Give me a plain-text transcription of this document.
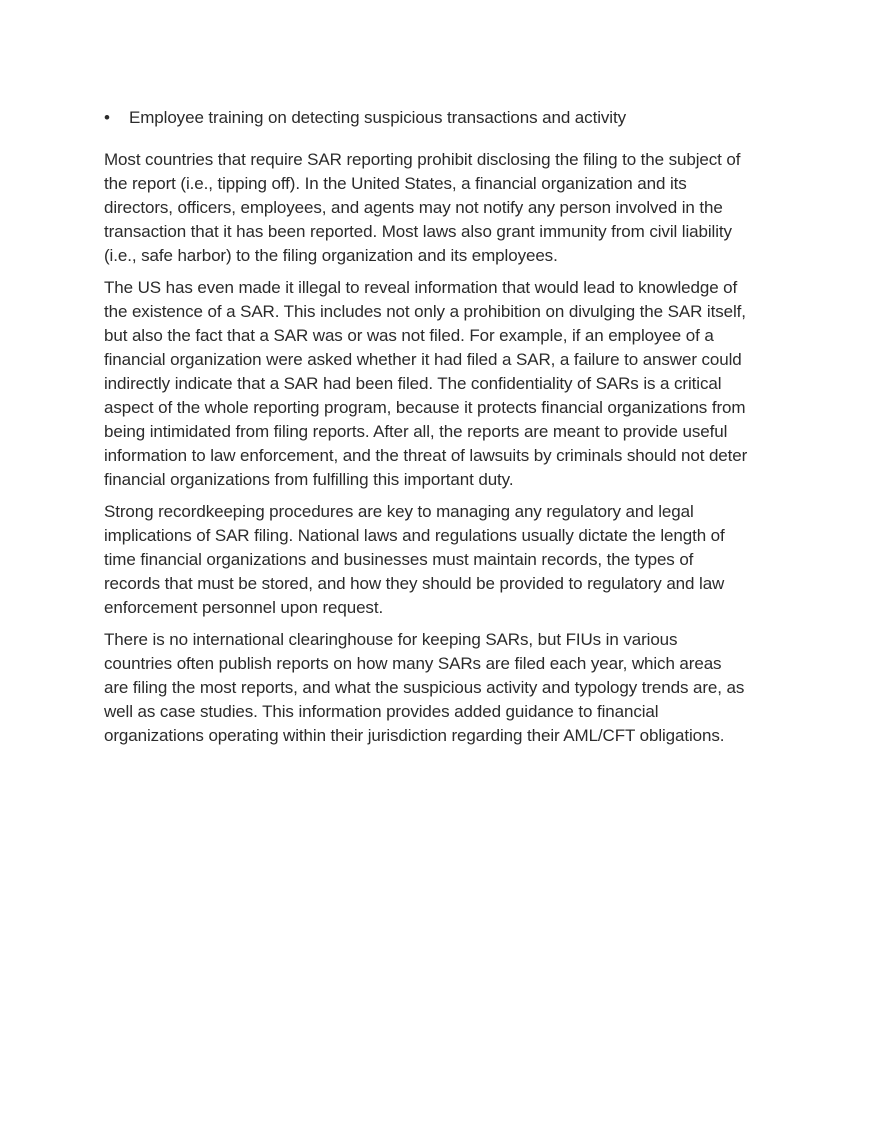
• Employee training on detecting suspicious transactions and activity

Most countries that require SAR reporting prohibit disclosing the filing to the subject of the report (i.e., tipping off). In the United States, a financial organization and its directors, officers, employees, and agents may not notify any person involved in the transaction that it has been reported. Most laws also grant immunity from civil liability (i.e., safe harbor) to the filing organization and its employees.

The US has even made it illegal to reveal information that would lead to knowledge of the existence of a SAR. This includes not only a prohibition on divulging the SAR itself, but also the fact that a SAR was or was not filed. For example, if an employee of a financial organization were asked whether it had filed a SAR, a failure to answer could indirectly indicate that a SAR had been filed. The confidentiality of SARs is a critical aspect of the whole reporting program, because it protects financial organizations from being intimidated from filing reports. After all, the reports are meant to provide useful information to law enforcement, and the threat of lawsuits by criminals should not deter financial organizations from fulfilling this important duty.

Strong recordkeeping procedures are key to managing any regulatory and legal implications of SAR filing. National laws and regulations usually dictate the length of time financial organizations and businesses must maintain records, the types of records that must be stored, and how they should be provided to regulatory and law enforcement personnel upon request.

There is no international clearinghouse for keeping SARs, but FIUs in various countries often publish reports on how many SARs are filed each year, which areas are filing the most reports, and what the suspicious activity and typology trends are, as well as case studies. This information provides added guidance to financial organizations operating within their jurisdiction regarding their AML/CFT obligations.
